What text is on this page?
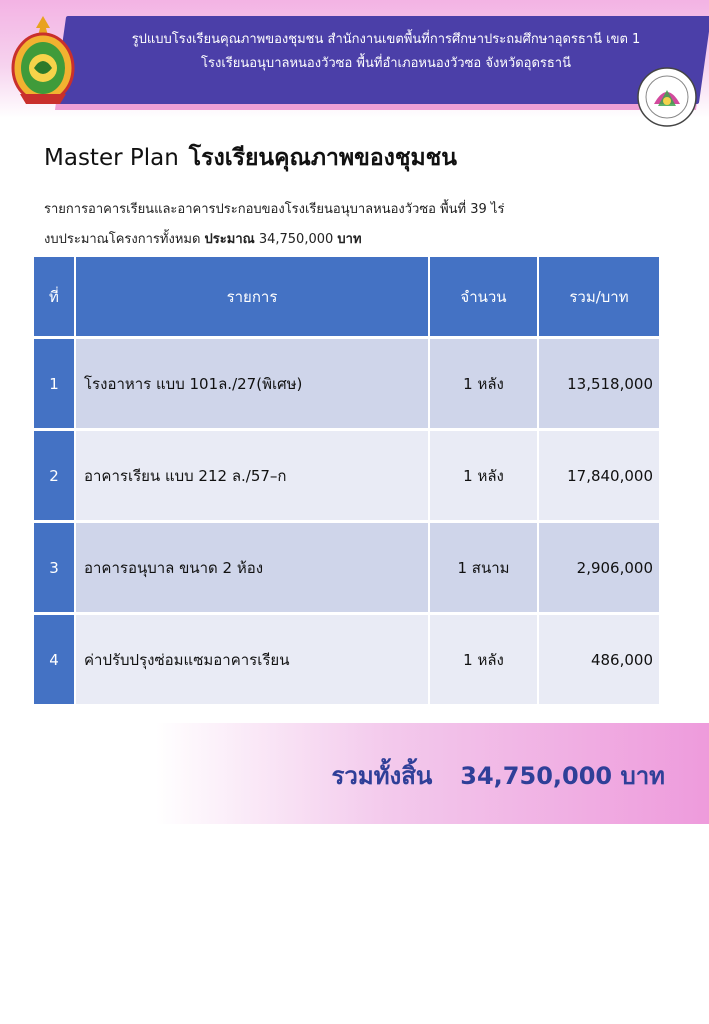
รูปแบบโรงเรียนคุณภาพของชุมชน สำนักงานเขตพื้นที่การศึกษาประถมศึกษาอุดรธานี เขต 1
โรงเรียนอนุบาลหนองวัวซอ พื้นที่อำเภอหนองวัวซอ จังหวัดอุดรธานี
Master Plan โรงเรียนคุณภาพของชุมชน
รายการอาคารเรียนและอาคารประกอบของโรงเรียนอนุบาลหนองวัวซอ พื้นที่ 39 ไร่
งบประมาณโครงการทั้งหมด ประมาณ 34,750,000 บาท
ที่	รายการ	จำนวน	รวม/บาท
1	โรงอาหาร แบบ 101ล./27(พิเศษ)	1 หลัง	13,518,000
2	อาคารเรียน แบบ 212 ล./57–ก	1 หลัง	17,840,000
3	อาคารอนุบาล ขนาด 2 ห้อง	1 สนาม	2,906,000
4	ค่าปรับปรุงซ่อมแซมอาคารเรียน	1 หลัง	486,000
รวมทั้งสิ้น 34,750,000 บาท
